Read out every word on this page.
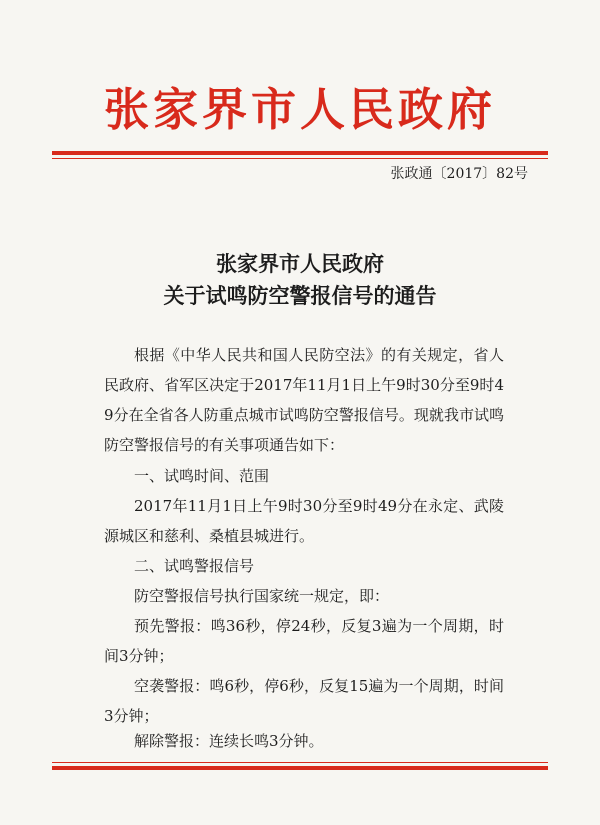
张家界市人民政府
张政通〔2017〕82号
张家界市人民政府
关于试鸣防空警报信号的通告
根据《中华人民共和国人民防空法》的有关规定，省人民政府、省军区决定于2017年11月1日上午9时30分至9时49分在全省各人防重点城市试鸣防空警报信号。现就我市试鸣防空警报信号的有关事项通告如下：
一、试鸣时间、范围
2017年11月1日上午9时30分至9时49分在永定、武陵源城区和慈利、桑植县城进行。
二、试鸣警报信号
防空警报信号执行国家统一规定，即：
预先警报：鸣36秒，停24秒，反复3遍为一个周期，时间3分钟；
空袭警报：鸣6秒，停6秒，反复15遍为一个周期，时间3分钟；
解除警报：连续长鸣3分钟。
